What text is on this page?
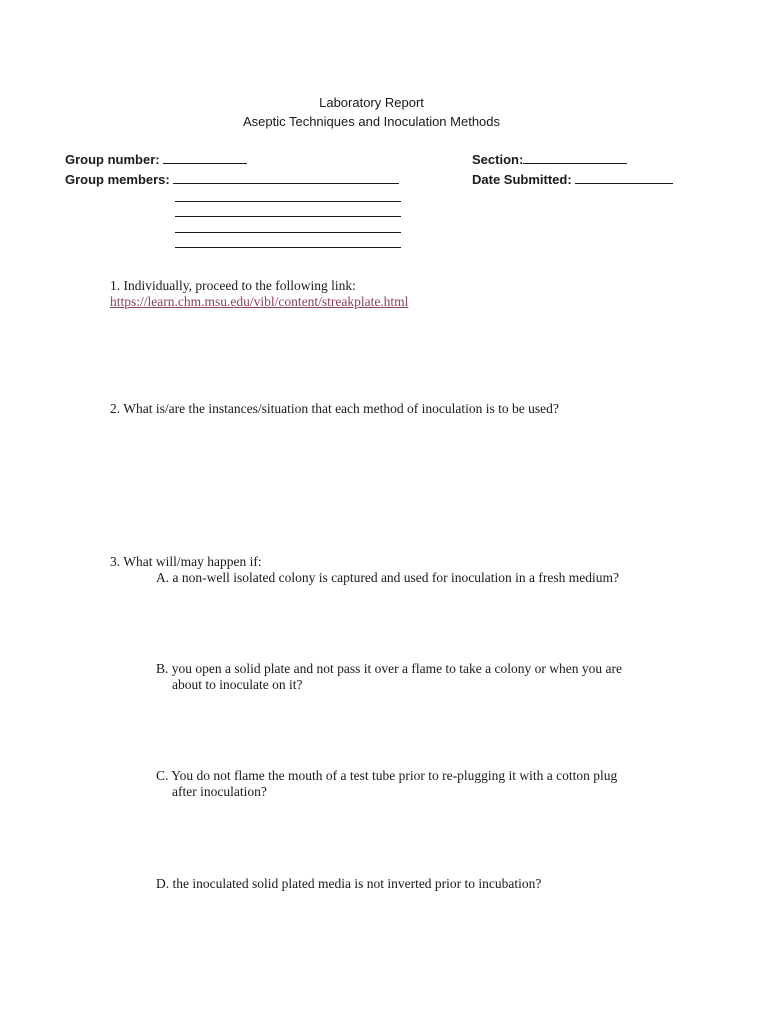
Laboratory Report
Aseptic Techniques and Inoculation Methods
Group number:	Section:
Group members:	Date Submitted:
1. Individually, proceed to the following link:
https://learn.chm.msu.edu/vibl/content/streakplate.html
2. What is/are the instances/situation that each method of inoculation is to be used?
3. What will/may happen if:
A. a non-well isolated colony is captured and used for inoculation in a fresh medium?
B. you open a solid plate and not pass it over a flame to take a colony or when you are
about to inoculate on it?
C. You do not flame the mouth of a test tube prior to re-plugging it with a cotton plug
after inoculation?
D. the inoculated solid plated media is not inverted prior to incubation?
